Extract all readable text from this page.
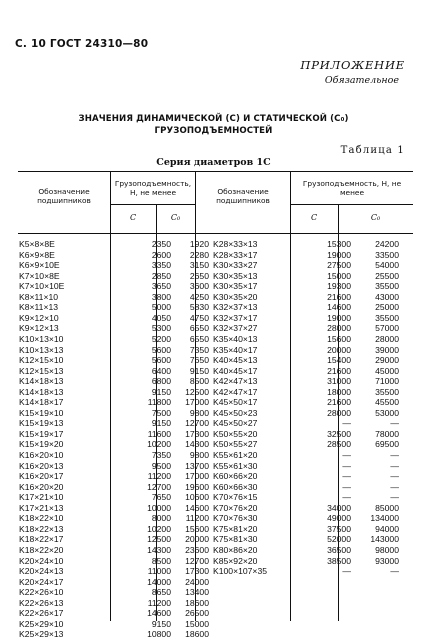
С. 10 ГОСТ 24310—80
ПРИЛОЖЕНИЕ
Обязательное
ЗНАЧЕНИЯ ДИНАМИЧЕСКОЙ (C) И СТАТИЧЕСКОЙ (C₀)
ГРУЗОПОДЪЕМНОСТЕЙ
Таблица 1
Серия диаметров 1С
Обозначение подшипников
Грузоподъемность, Н, не менее	Обозначение подшипников
Грузоподъемность, Н, не менее
C	C₀	C	C₀
K5×8×8E	2350	1920 K28×33×13	15300	24200
K6×9×8E	2600	2280 K28×33×17	19000	33500
K6×9×10E	3350	3150 K30×33×27	27500	54000
K7×10×8E	2850	2650 K30×35×13	15000	25500
K7×10×10E	3650	3600 K30×35×17	19300	35500
K8×11×10	3800	4250 K30×35×20	21600	43000
K8×11×13	5000	5830 K32×37×13	14600	25000
K9×12×10	4050	4750 K32×37×17	19000	35500
K9×12×13	5300	6550 K32×37×27	28000	57000
K10×13×10	5200	6550 K35×40×13	15600	28000
K10×13×13	5600	7350 K35×40×17	20000	39000
K12×15×10	5600	7650 K40×45×13	15400	29000
K12×15×13	6400	9150 K40×45×17	21600	45000
K14×18×13	6800	8500 K42×47×13	31000	71000
K14×18×13	9150	12500 K42×47×17	18000	35500
K14×18×17	11800	17000 K45×50×17	21600	45500
K15×19×10	7500	9800 K45×50×23	28000	53000
K15×19×13	9150	12700 K45×50×27	—	—
K15×19×17	11600	17300 K50×55×20	32500	78000
K15×19×20	10200	14300 K50×55×27	28500	69500
K16×20×10	7350	9800 K55×61×20	—	—
K16×20×13	9500	13700 K55×61×30	—	—
K16×20×17	11200	17000 K60×66×20	—	—
K16×20×20	12700	19600 K60×66×30	—	—
K17×21×10	7650	10600 K70×76×15	—	—
K17×21×13	10000	14600 K70×76×20	34000	85000
K18×22×10	8000	11200 K70×76×30	49000	134000
K18×22×13	10200	15600 K75×81×20	37500	94000
K18×22×17	12500	20000 K75×81×30	52000	143000
K18×22×20	14300	23600 K80×86×20	36500	98000
K20×24×10	8500	12700 K85×92×20	38500	93000
K20×24×13	11000	17300 K100×107×35	—	—
K20×24×17	14000	24000
K22×26×10	8650	13400
K22×26×13	11200	18600
K22×26×17	14600	26500
K25×29×10	9150	15000
K25×29×13	10800	18600
